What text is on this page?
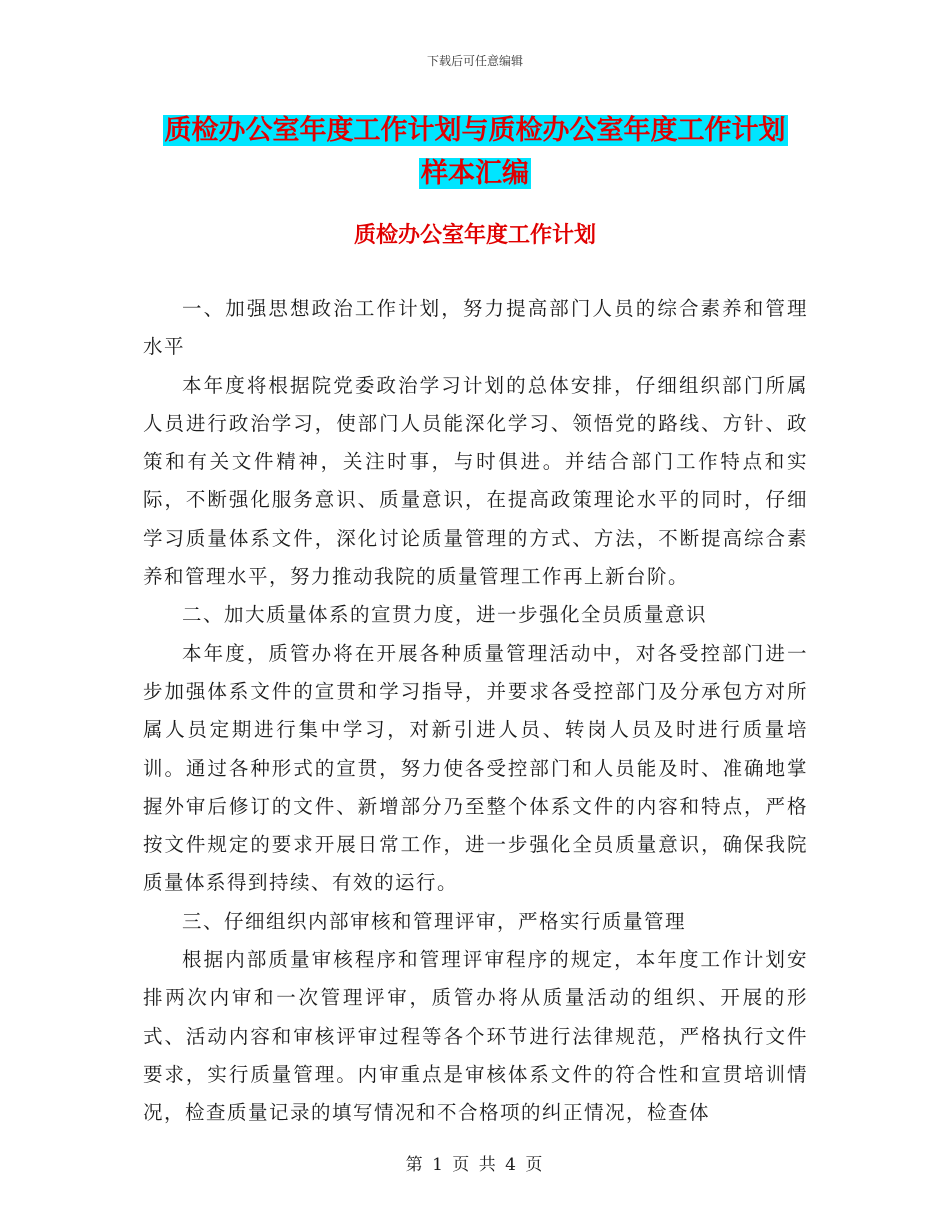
下载后可任意编辑
质检办公室年度工作计划与质检办公室年度工作计划
样本汇编
质检办公室年度工作计划

一、加强思想政治工作计划，努力提高部门人员的综合素养和管理水平

本年度将根据院党委政治学习计划的总体安排，仔细组织部门所属人员进行政治学习，使部门人员能深化学习、领悟党的路线、方针、政策和有关文件精神，关注时事，与时俱进。并结合部门工作特点和实际，不断强化服务意识、质量意识，在提高政策理论水平的同时，仔细学习质量体系文件，深化讨论质量管理的方式、方法，不断提高综合素养和管理水平，努力推动我院的质量管理工作再上新台阶。

二、加大质量体系的宣贯力度，进一步强化全员质量意识

本年度，质管办将在开展各种质量管理活动中，对各受控部门进一步加强体系文件的宣贯和学习指导，并要求各受控部门及分承包方对所属人员定期进行集中学习，对新引进人员、转岗人员及时进行质量培训。通过各种形式的宣贯，努力使各受控部门和人员能及时、准确地掌握外审后修订的文件、新增部分乃至整个体系文件的内容和特点，严格按文件规定的要求开展日常工作，进一步强化全员质量意识，确保我院质量体系得到持续、有效的运行。

三、仔细组织内部审核和管理评审，严格实行质量管理

根据内部质量审核程序和管理评审程序的规定，本年度工作计划安排两次内审和一次管理评审，质管办将从质量活动的组织、开展的形式、活动内容和审核评审过程等各个环节进行法律规范，严格执行文件要求，实行质量管理。内审重点是审核体系文件的符合性和宣贯培训情况，检查质量记录的填写情况和不合格项的纠正情况，检查体

第 1 页 共 4 页
